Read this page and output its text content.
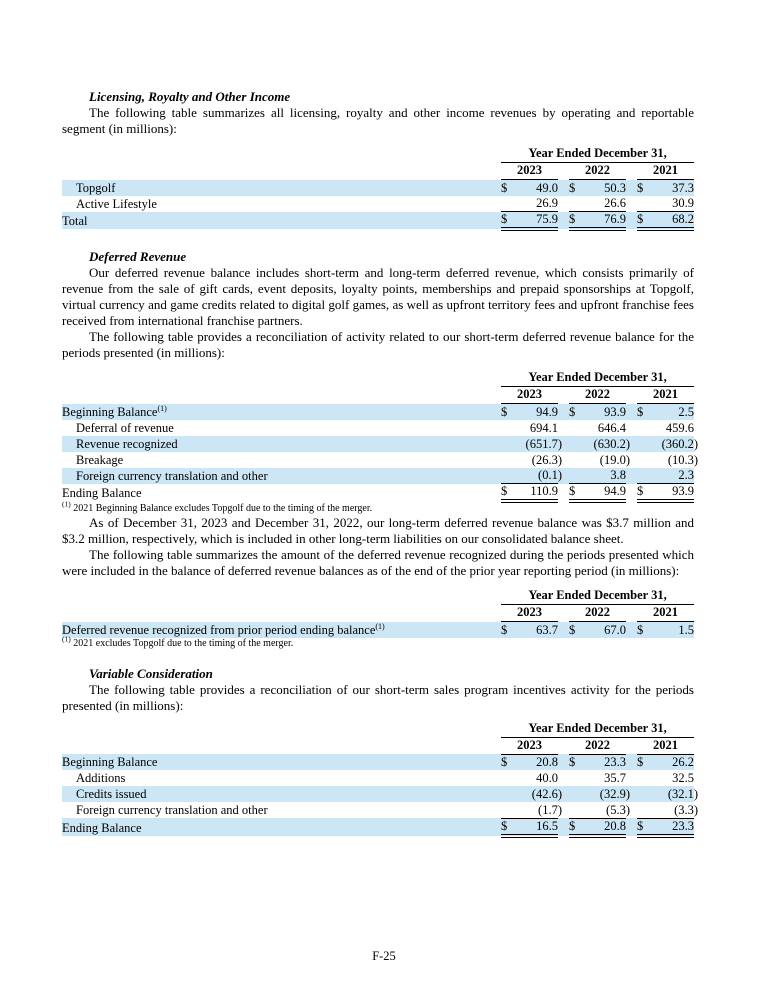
Licensing, Royalty and Other Income

The following table summarizes all licensing, royalty and other income revenues by operating and reportable segment (in millions):

	Year Ended December 31,							
	2023			2022			2021	
Topgolf	$	49.0		$	50.3		$	37.3
Active Lifestyle		26.9			26.6			30.9
Total	$	75.9		$	76.9		$	68.2
Deferred Revenue

Our deferred revenue balance includes short-term and long-term deferred revenue, which consists primarily of revenue from the sale of gift cards, event deposits, loyalty points, memberships and prepaid sponsorships at Topgolf, virtual currency and game credits related to digital golf games, as well as upfront territory fees and upfront franchise fees received from international franchise partners.

The following table provides a reconciliation of activity related to our short-term deferred revenue balance for the periods presented (in millions):

	Year Ended December 31,							
	2023			2022			2021	
Beginning Balance$^{(1)}$	$	94.9		$	93.9		$	2.5
Deferral of revenue		694.1			646.4			459.6
Revenue recognized		(651.7)			(630.2)			(360.2)
Breakage		(26.3)			(19.0)			(10.3)
Foreign currency translation and other		(0.1)			3.8			2.3
Ending Balance	$	110.9		$	94.9		$	93.9

$^{(1)}$ 2021 Beginning Balance excludes Topgolf due to the timing of the merger.

As of December 31, 2023 and December 31, 2022, our long-term deferred revenue balance was $3.7 million and $3.2 million, respectively, which is included in other long-term liabilities on our consolidated balance sheet.

The following table summarizes the amount of the deferred revenue recognized during the periods presented which were included in the balance of deferred revenue balances as of the end of the prior year reporting period (in millions):

	Year Ended December 31,							
	2023			2022			2021	
Deferred revenue recognized from prior period ending balance$^{(1)}$	$	63.7		$	67.0		$	1.5

$^{(1)}$ 2021 excludes Topgolf due to the timing of the merger.

Variable Consideration

The following table provides a reconciliation of our short-term sales program incentives activity for the periods presented (in millions):

	Year Ended December 31,							
	2023			2022			2021	
Beginning Balance	$	20.8		$	23.3		$	26.2
Additions		40.0			35.7			32.5
Credits issued		(42.6)			(32.9)			(32.1)
Foreign currency translation and other		(1.7)			(5.3)			(3.3)
Ending Balance	$	16.5		$	20.8		$	23.3
F-25
